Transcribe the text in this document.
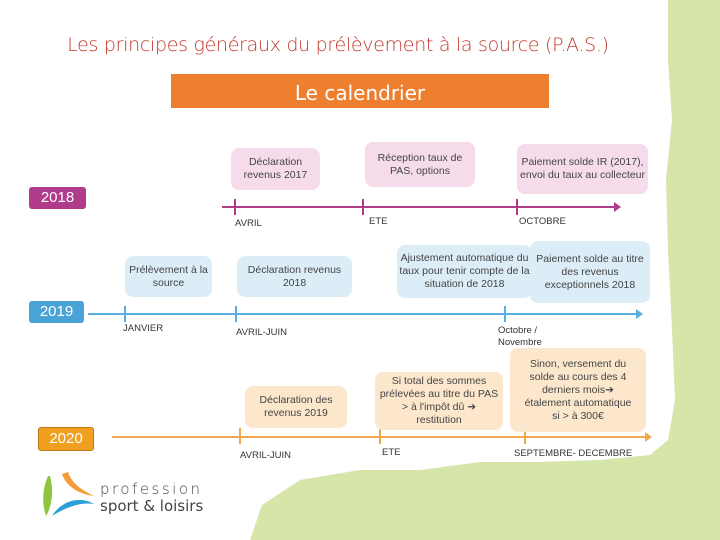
Les principes généraux du prélèvement à la source (P.A.S.)
Le calendrier
2018
Déclaration revenus 2017
Réception taux de PAS, options
Paiement solde IR (2017), envoi du taux au collecteur
AVRIL	ETE	OCTOBRE
2019
Prélèvement à la source
Déclaration revenus 2018
Ajustement automatique du taux pour tenir compte de la situation de 2018
Paiement solde au titre des revenus exceptionnels 2018
JANVIER	AVRIL-JUIN	Octobre / Novembre
2020
Déclaration des revenus 2019
Si total des sommes prélevées au titre du PAS > à l'impôt dû ➔ restitution
Sinon, versement du solde au cours des 4 derniers mois➔ étalement automatique si > à 300€
AVRIL-JUIN	ETE	SEPTEMBRE- DECEMBRE
profession
sport & loisirs
